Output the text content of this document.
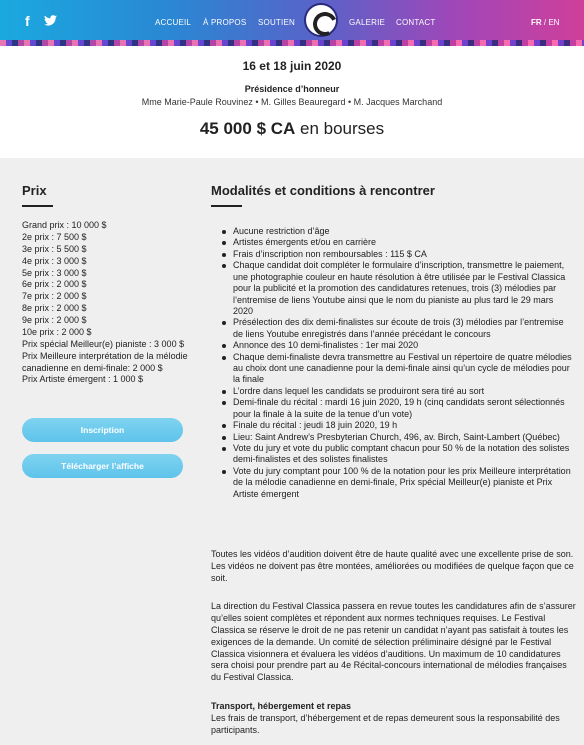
f	ACCUEIL À PROPOS SOUTIEN	GALERIE CONTACT	FR / EN
16 et 18 juin 2020
Présidence d’honneur
Mme Marie-Paule Rouvinez • M. Gilles Beauregard • M. Jacques Marchand
45 000 $ CA en bourses
Prix
Grand prix : 10 000 $
2e prix : 7 500 $
3e prix : 5 500 $
4e prix : 3 000 $
5e prix : 3 000 $
6e prix : 2 000 $
7e prix : 2 000 $
8e prix : 2 000 $
9e prix : 2 000 $
10e prix : 2 000 $
Prix spécial Meilleur(e) pianiste : 3 000 $
Prix Meilleure interprétation de la mélodie canadienne en demi-finale: 2 000 $
Prix Artiste émergent : 1 000 $
Inscription
Télécharger l’affiche
Modalités et conditions à rencontrer
Aucune restriction d’âge
Artistes émergents et/ou en carrière
Frais d’inscription non remboursables : 115 $ CA
Chaque candidat doit compléter le formulaire d’inscription, transmettre le paiement, une photographie couleur en haute résolution à être utilisée par le Festival Classica pour la publicité et la promotion des candidatures retenues, trois (3) mélodies par l’entremise de liens Youtube ainsi que le nom du pianiste au plus tard le 29 mars 2020
Présélection des dix demi-finalistes sur écoute de trois (3) mélodies par l’entremise de liens Youtube enregistrés dans l’année précédant le concours
Annonce des 10 demi-finalistes : 1er mai 2020
Chaque demi-finaliste devra transmettre au Festival un répertoire de quatre mélodies au choix dont une canadienne pour la demi-finale ainsi qu’un cycle de mélodies pour la finale
L’ordre dans lequel les candidats se produiront sera tiré au sort
Demi-finale du récital : mardi 16 juin 2020, 19 h (cinq candidats seront sélectionnés pour la finale à la suite de la tenue d’un vote)
Finale du récital : jeudi 18 juin 2020, 19 h
Lieu: Saint Andrew’s Presbyterian Church, 496, av. Birch, Saint-Lambert (Québec)
Vote du jury et vote du public comptant chacun pour 50 % de la notation des solistes demi-finalistes et des solistes finalistes
Vote du jury comptant pour 100 % de la notation pour les prix Meilleure interprétation de la mélodie canadienne en demi-finale, Prix spécial Meilleur(e) pianiste et Prix Artiste émergent
Toutes les vidéos d’audition doivent être de haute qualité avec une excellente prise de son. Les vidéos ne doivent pas être montées, améliorées ou modifiées de quelque façon que ce soit.
La direction du Festival Classica passera en revue toutes les candidatures afin de s’assurer qu’elles soient complètes et répondent aux normes techniques requises. Le Festival Classica se réserve le droit de ne pas retenir un candidat n’ayant pas satisfait à toutes les exigences de la demande. Un comité de sélection préliminaire désigné par le Festival Classica visionnera et évaluera les vidéos d’auditions. Un maximum de 10 candidatures sera choisi pour prendre part au 4e Récital-concours international de mélodies françaises du Festival Classica.
Transport, hébergement et repas
Les frais de transport, d’hébergement et de repas demeurent sous la responsabilité des participants.
